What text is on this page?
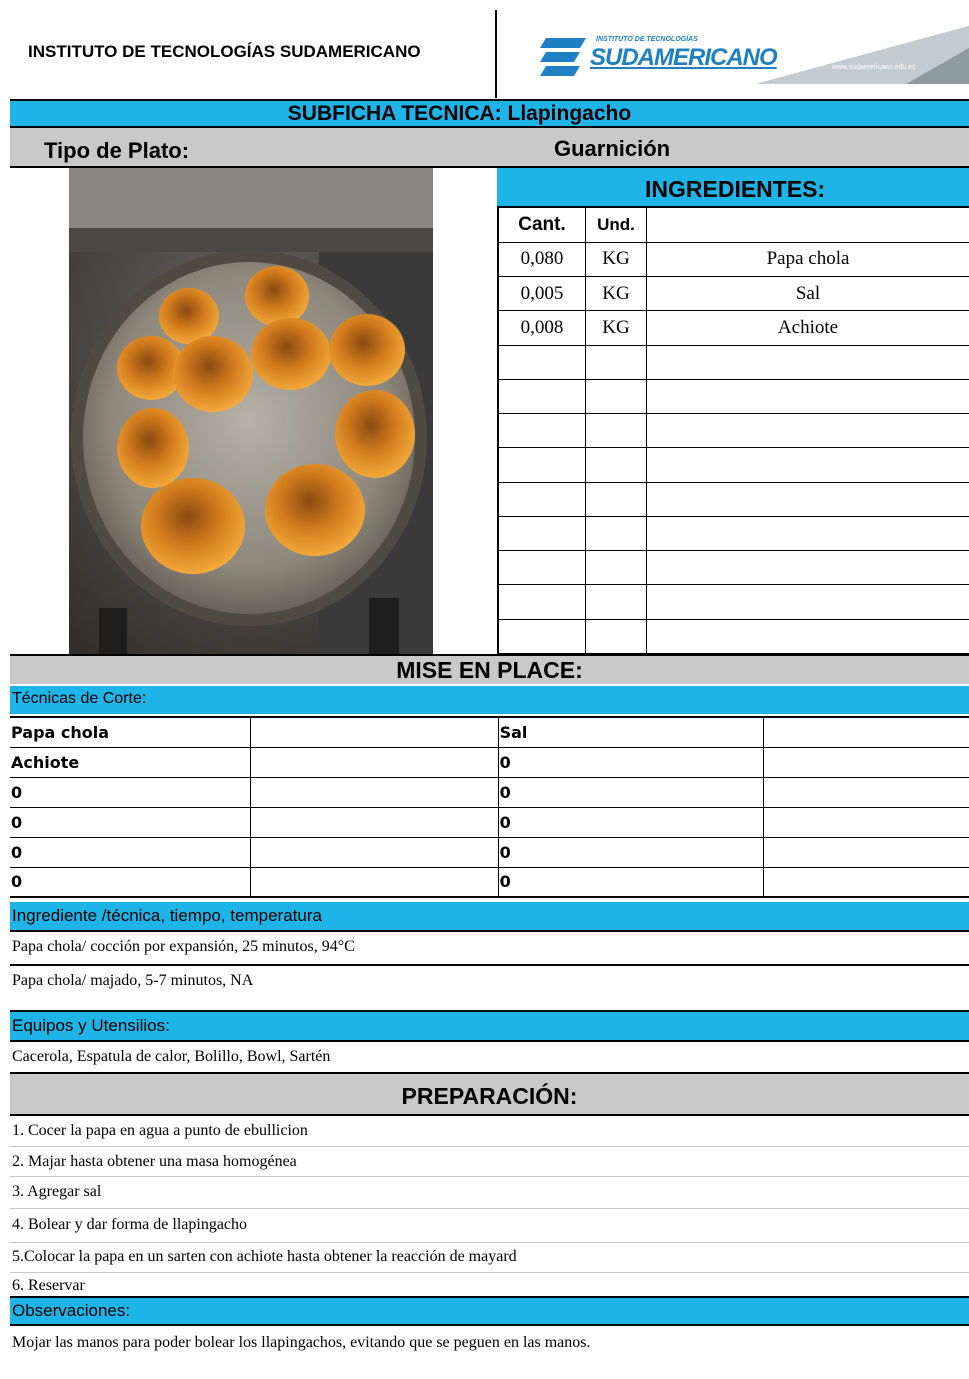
INSTITUTO DE TECNOLOGÍAS SUDAMERICANO
INSTITUTO DE TECNOLOGÍAS
SUDAMERICANO	www.sudamericano.edu.ec
SUBFICHA TECNICA: Llapingacho
Tipo de Plato:	Guarnición
INGREDIENTES:
Cant.	Und.	
0,080	KG	Papa chola
0,005	KG	Sal
0,008	KG	Achiote

MISE EN PLACE:
Técnicas de Corte:
Papa chola		Sal	
Achiote		0	
0		0	
0		0	
0		0	
0		0	
Ingrediente /técnica, tiempo, temperatura
Papa chola/ cocción por expansión, 25 minutos, 94°C
Papa chola/ majado, 5-7 minutos, NA
Equipos y Utensilios:
Cacerola, Espatula de calor, Bolillo, Bowl, Sartén
PREPARACIÓN:
1. Cocer la papa en agua a punto de ebullicion
2. Majar hasta obtener una masa homogénea
3. Agregar sal
4. Bolear y dar forma de llapingacho
5.Colocar la papa en un sarten con achiote hasta obtener la reacción de mayard
6. Reservar
Observaciones:
Mojar las manos para poder bolear los llapingachos, evitando que se peguen en las manos.
